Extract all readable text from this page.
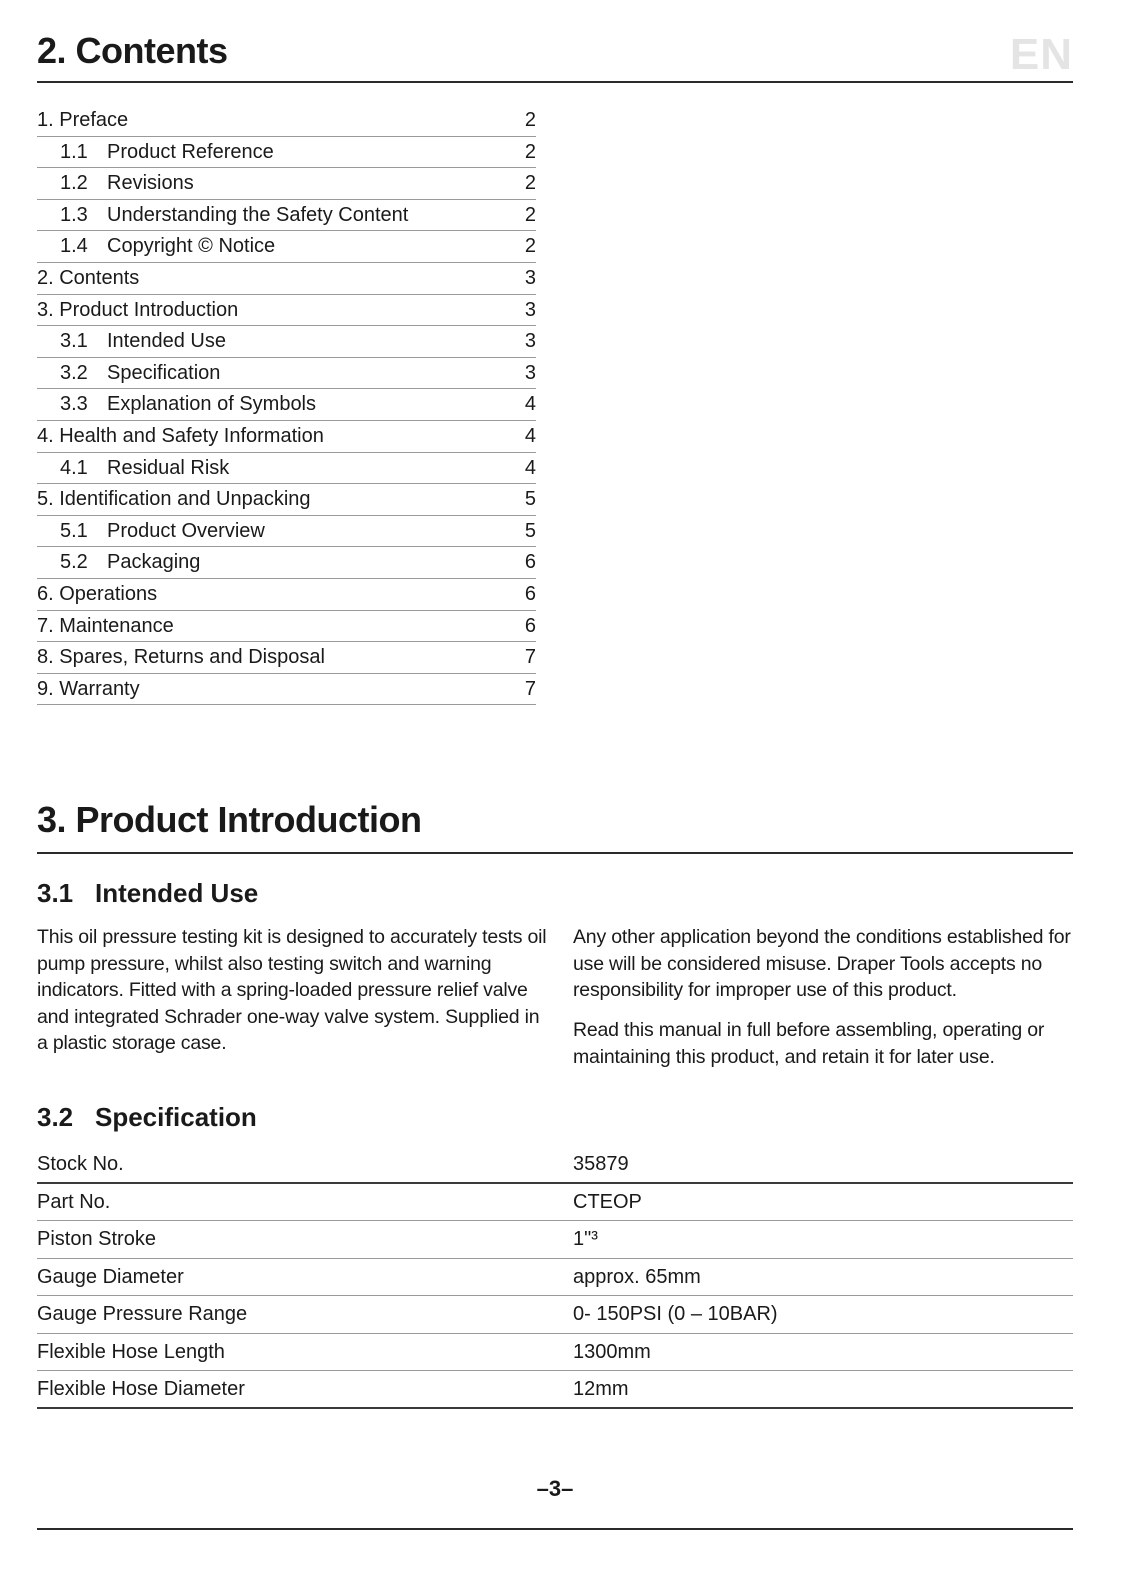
2. Contents	EN
1. Preface	2
1.1 Product Reference	2
1.2 Revisions	2
1.3 Understanding the Safety Content	2
1.4 Copyright © Notice	2
2. Contents	3
3. Product Introduction	3
3.1 Intended Use	3
3.2 Specification	3
3.3 Explanation of Symbols	4
4. Health and Safety Information	4
4.1 Residual Risk	4
5. Identification and Unpacking	5
5.1 Product Overview	5
5.2 Packaging	6
6. Operations	6
7. Maintenance	6
8. Spares, Returns and Disposal	7
9. Warranty	7
3. Product Introduction
3.1 Intended Use
This oil pressure testing kit is designed to accurately tests oil pump pressure, whilst also testing switch and warning indicators. Fitted with a spring-loaded pressure relief valve and integrated Schrader one-way valve system. Supplied in a plastic storage case.
Any other application beyond the conditions established for use will be considered misuse. Draper Tools accepts no responsibility for improper use of this product.
Read this manual in full before assembling, operating or maintaining this product, and retain it for later use.
3.2 Specification
Stock No.	35879
Part No.	CTEOP
Piston Stroke	1"³
Gauge Diameter	approx. 65mm
Gauge Pressure Range	0- 150PSI (0 – 10BAR)
Flexible Hose Length	1300mm
Flexible Hose Diameter	12mm
–3–
